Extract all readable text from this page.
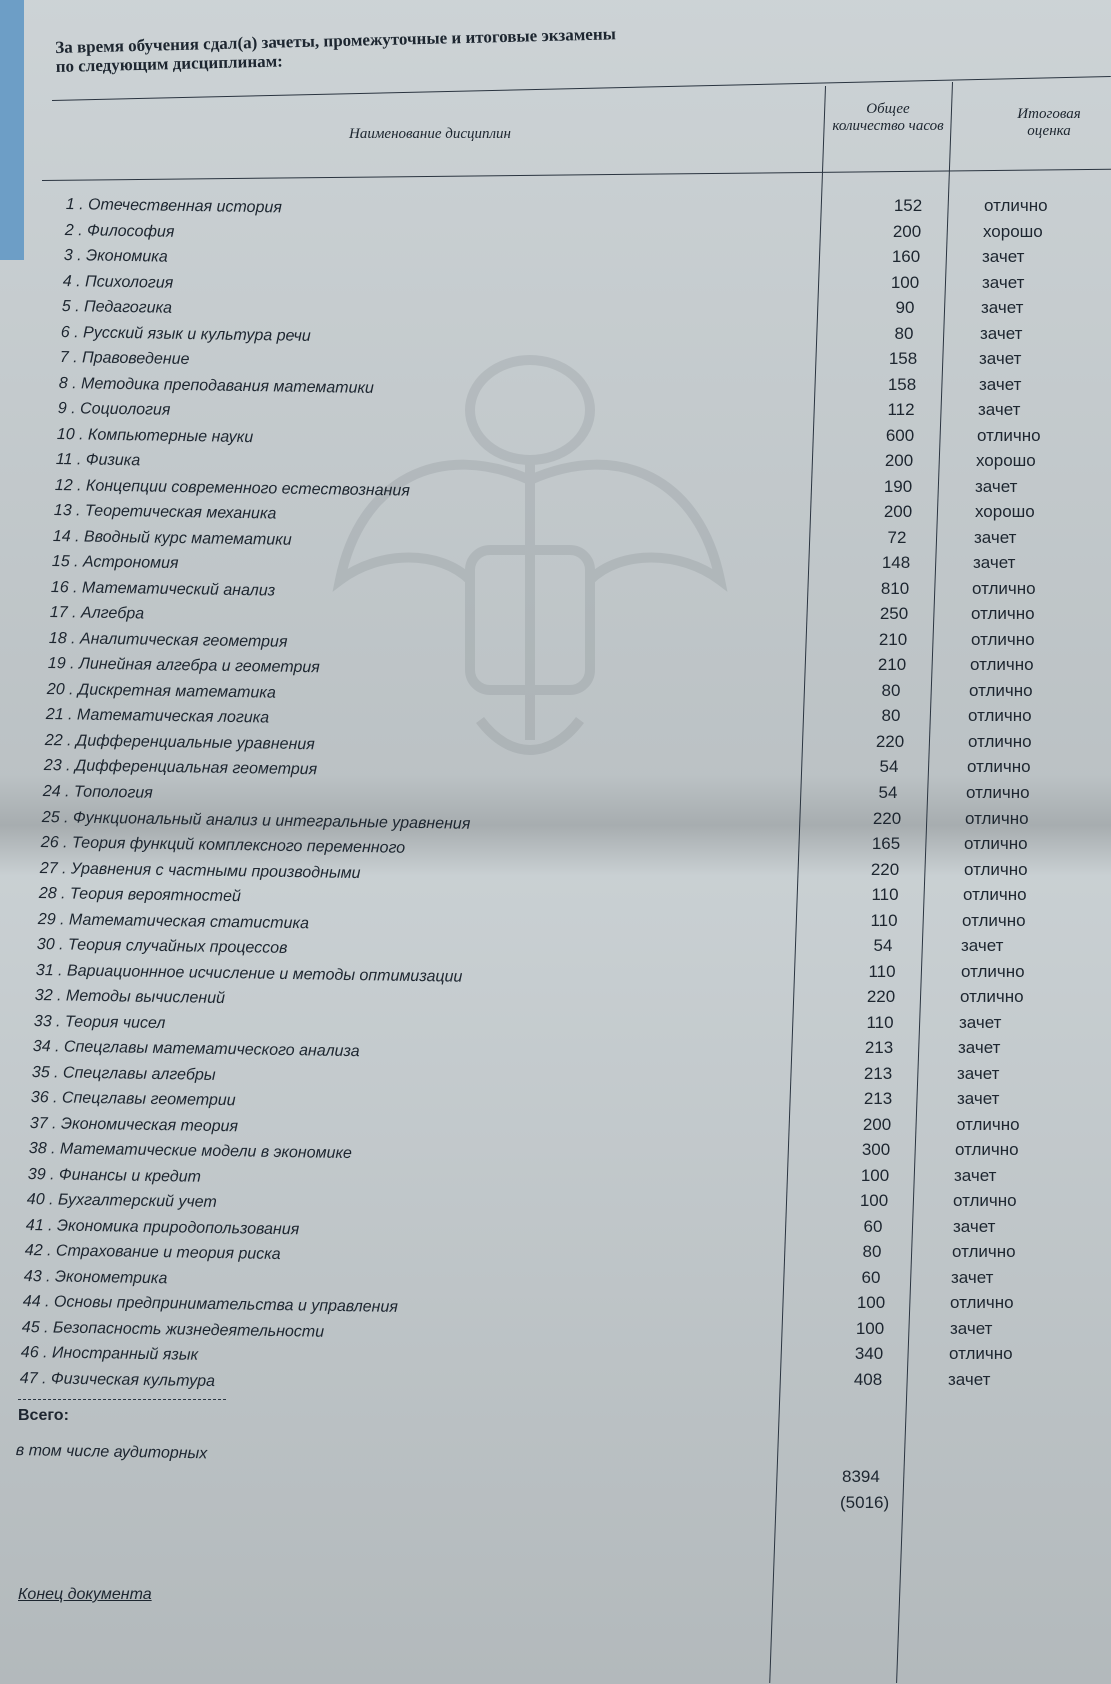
За время обучения сдал(а) зачеты, промежуточные и итоговые экзамены
по следующим дисциплинам:
Наименование дисциплин
Общее количество часов
Итоговая оценка
1 . Отечественная история	152	отлично
2 . Философия	200	хорошо
3 . Экономика	160	зачет
4 . Психология	100	зачет
5 . Педагогика	90	зачет
6 . Русский язык и культура речи	80	зачет
7 . Правоведение	158	зачет
8 . Методика преподавания математики	158	зачет
9 . Социология	112	зачет
10 . Компьютерные науки	600	отлично
11 . Физика	200	хорошо
12 . Концепции современного естествознания	190	зачет
13 . Теоретическая механика	200	хорошо
14 . Вводный курс математики	72	зачет
15 . Астрономия	148	зачет
16 . Математический анализ	810	отлично
17 . Алгебра	250	отлично
18 . Аналитическая геометрия	210	отлично
19 . Линейная алгебра и геометрия	210	отлично
20 . Дискретная математика	80	отлично
21 . Математическая логика	80	отлично
22 . Дифференциальные уравнения	220	отлично
23 . Дифференциальная геометрия	54	отлично
24 . Топология	54	отлично
25 . Функциональный анализ и интегральные уравнения	220	отлично
26 . Теория функций комплексного переменного	165	отлично
27 . Уравнения с частными производными	220	отлично
28 . Теория вероятностей	110	отлично
29 . Математическая статистика	110	отлично
30 . Теория случайных процессов	54	зачет
31 . Вариационнное исчисление и методы оптимизации	110	отлично
32 . Методы вычислений	220	отлично
33 . Теория чисел	110	зачет
34 . Спецглавы математического анализа	213	зачет
35 . Спецглавы алгебры	213	зачет
36 . Спецглавы геометрии	213	зачет
37 . Экономическая теория	200	отлично
38 . Математические модели в экономике	300	отлично
39 . Финансы и кредит	100	зачет
40 . Бухгалтерский учет	100	отлично
41 . Экономика природопользования	60	зачет
42 . Страхование и теория риска	80	отлично
43 . Эконометрика	60	зачет
44 . Основы предпринимательства и управления	100	отлично
45 . Безопасность жизнедеятельности	100	зачет
46 . Иностранный язык	340	отлично
47 . Физическая культура	408	зачет
Всего:
в том числе аудиторных
8394
(5016)
Конец документа
